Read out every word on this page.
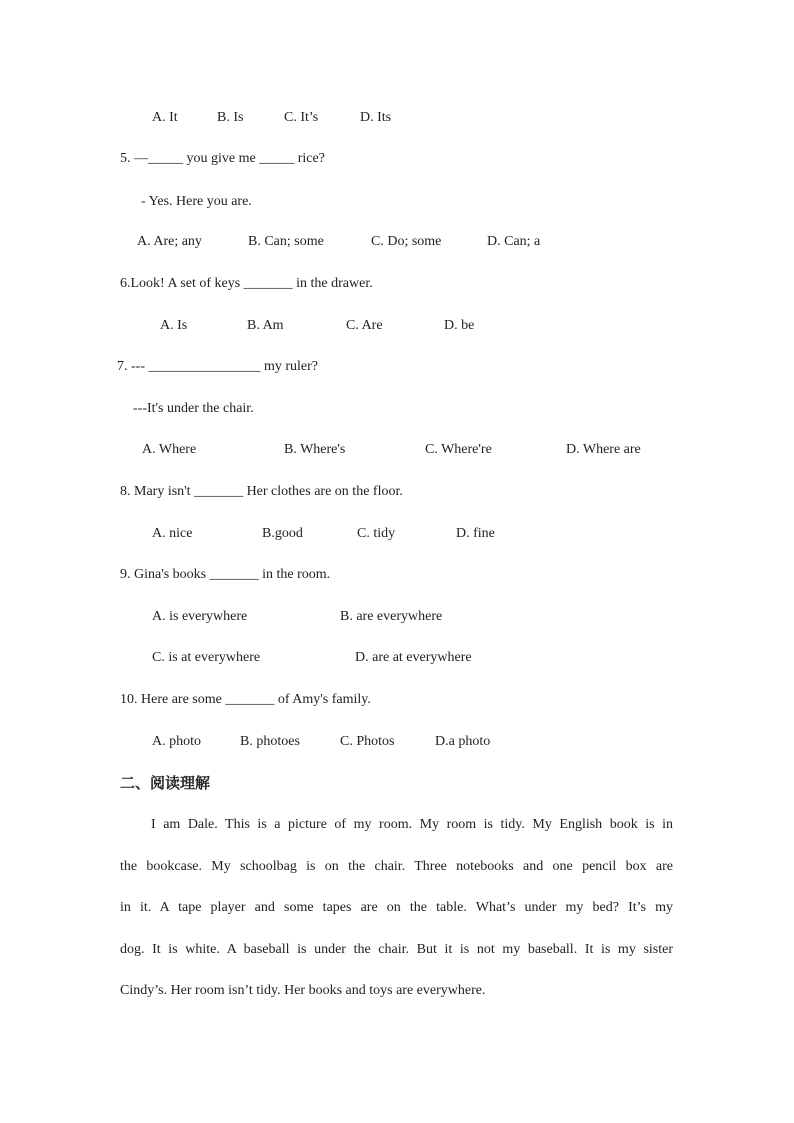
A. It	B. Is	C. It’s	D. Its
5. —_____ you give me _____ rice?
- Yes. Here you are.
A. Are; any	B. Can; some	C. Do; some	D. Can; a
6.Look! A set of keys _______ in the drawer.
A. Is	B. Am	C. Are	D. be
7. --- ________________ my ruler?
---It's under the chair.
A. Where	B. Where's	C. Where're	D. Where are
8. Mary isn't _______ Her clothes are on the floor.
A. nice	B.good	C. tidy	D. fine
9. Gina's books _______ in the room.
A. is everywhere	B. are everywhere
C. is at everywhere	D. are at everywhere
10. Here are some _______ of Amy's family.
A. photo	B. photoes	C. Photos	D.a photo
二、阅读理解
I am Dale. This is a picture of my room. My room is tidy. My English book is in
the bookcase. My schoolbag is on the chair. Three notebooks and one pencil box are
in it. A tape player and some tapes are on the table. What’s under my bed? It’s my
dog. It is white. A baseball is under the chair. But it is not my baseball. It is my sister
Cindy’s. Her room isn’t tidy. Her books and toys are everywhere.
